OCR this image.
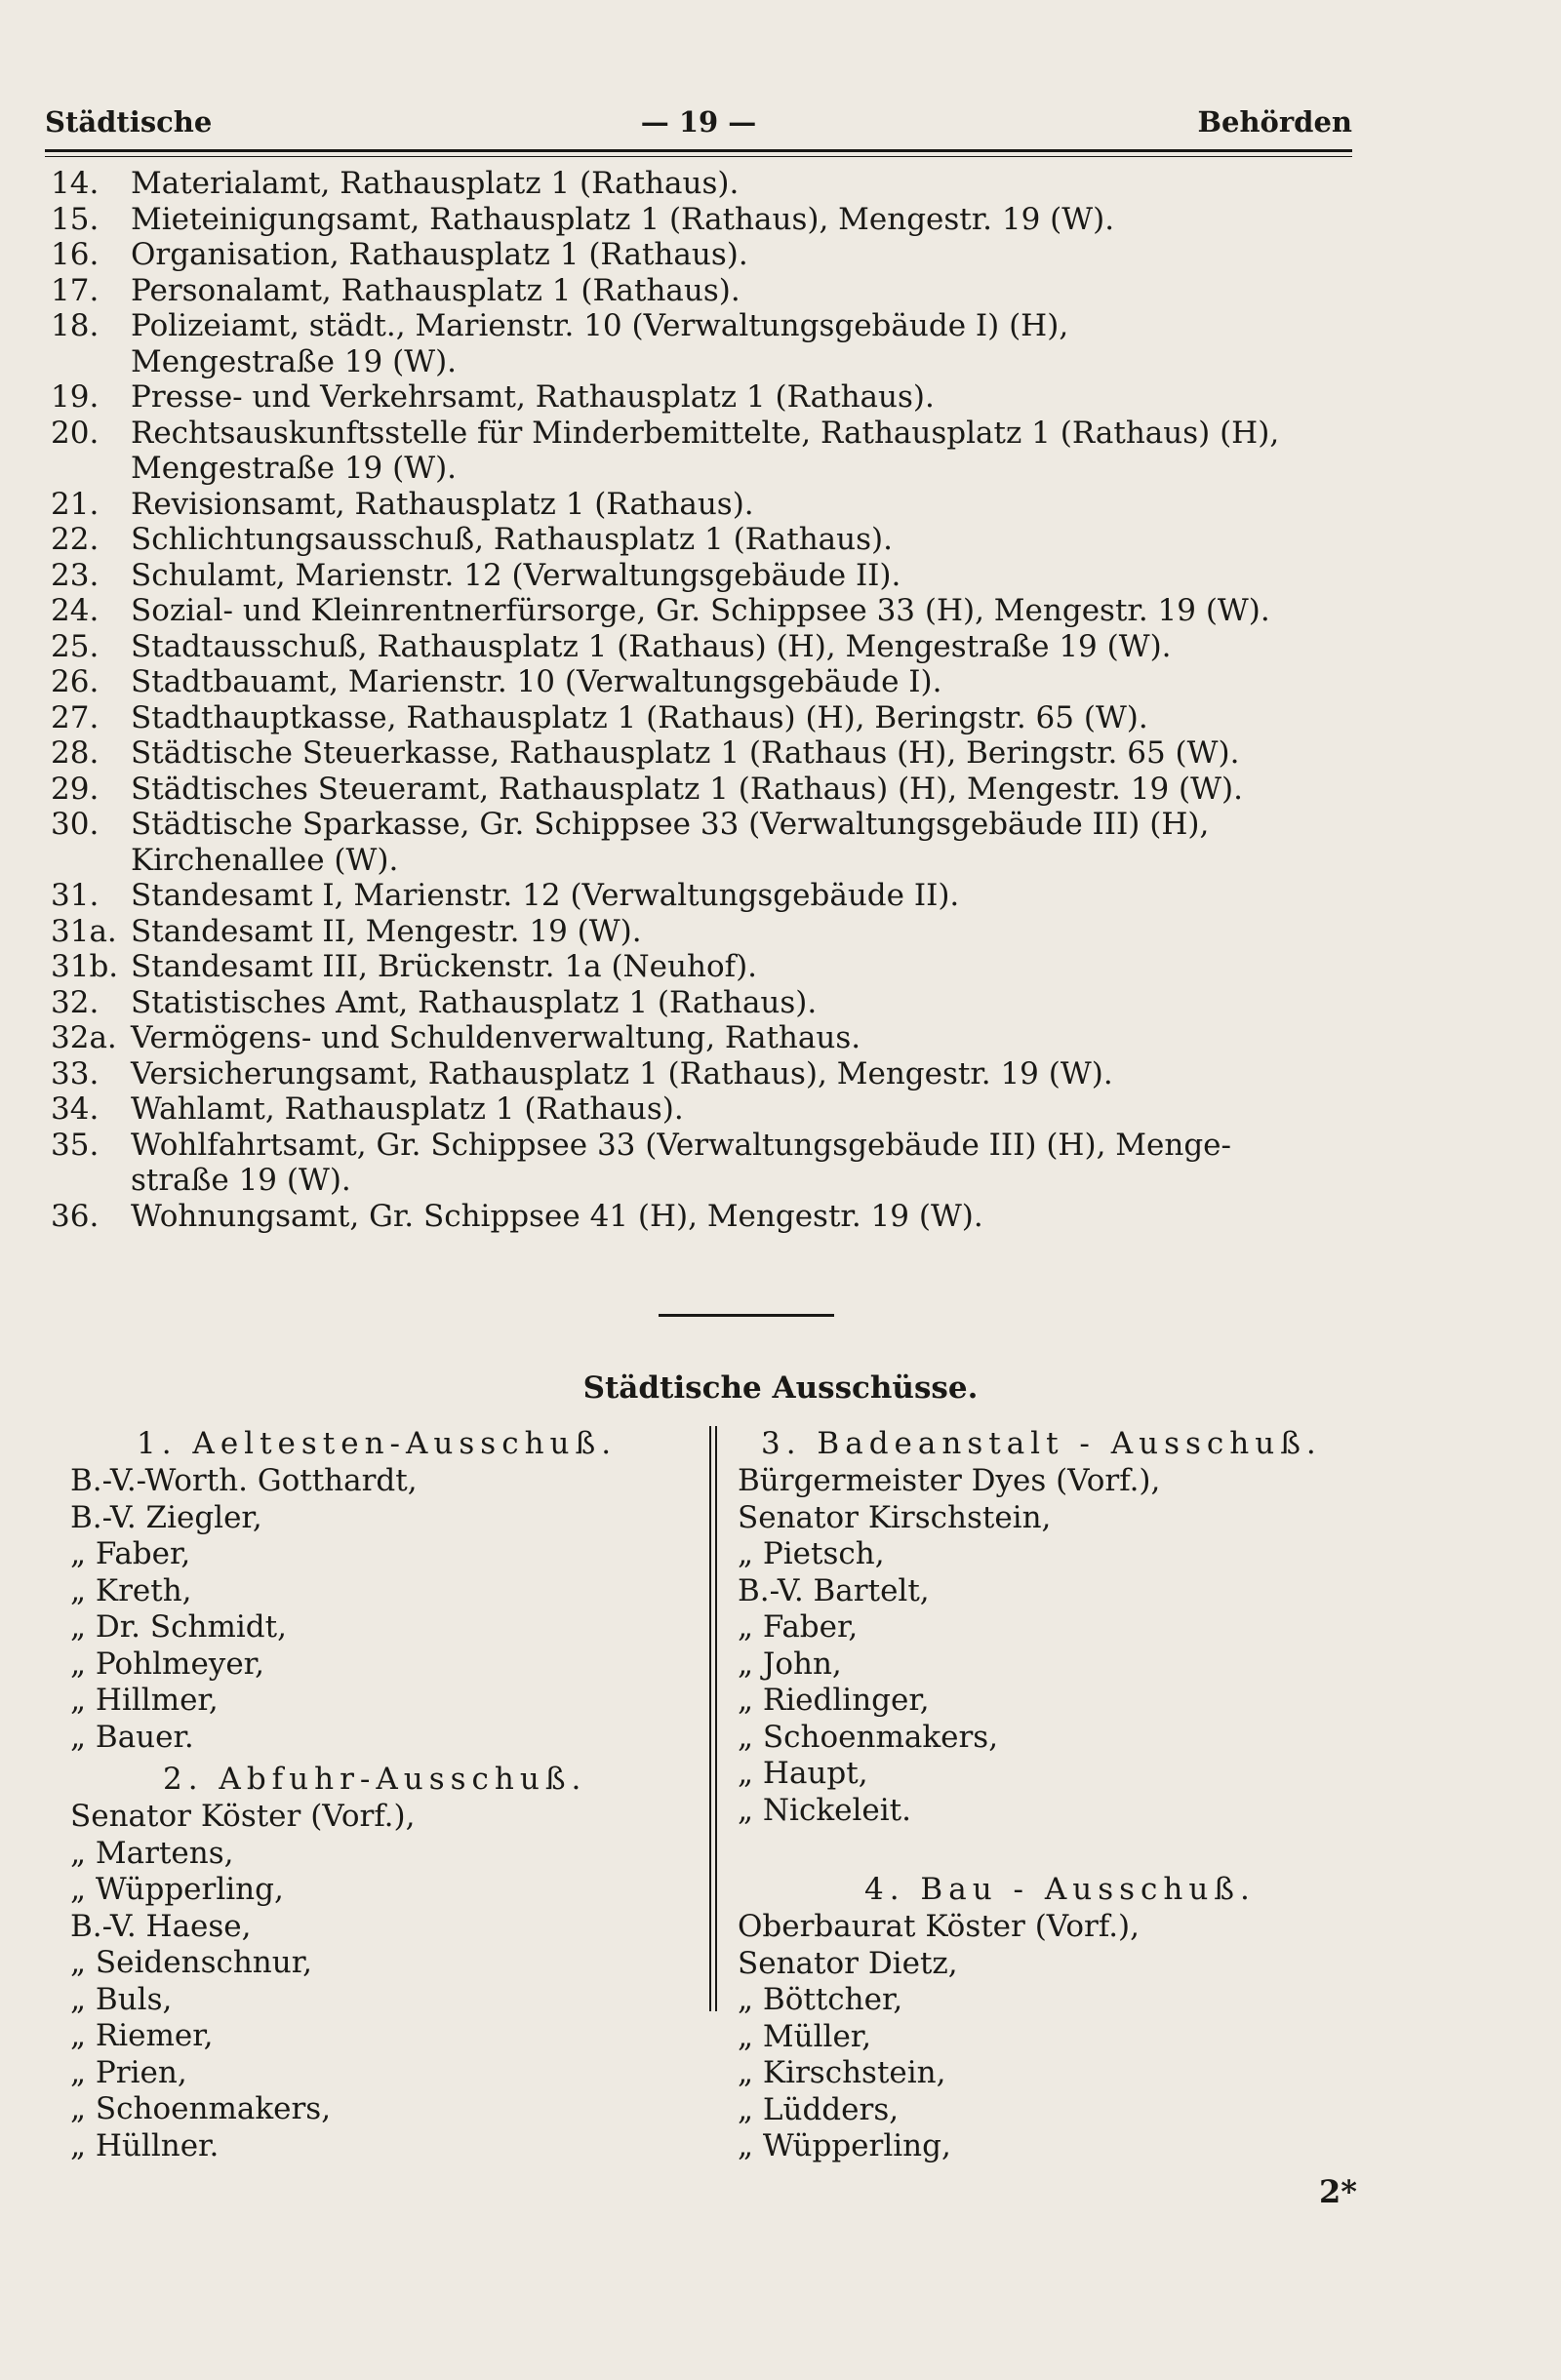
Städtische	— 19 —	Behörden
14.	Materialamt, Rathausplatz 1 (Rathaus).
15.	Mieteinigungsamt, Rathausplatz 1 (Rathaus), Mengestr. 19 (W).
16.	Organisation, Rathausplatz 1 (Rathaus).
17.	Personalamt, Rathausplatz 1 (Rathaus).
18.	Polizeiamt, städt., Marienstr. 10 (Verwaltungsgebäude I) (H),
Mengestraße 19 (W).
19.	Presse- und Verkehrsamt, Rathausplatz 1 (Rathaus).
20.	Rechtsauskunftsstelle für Minderbemittelte, Rathausplatz 1 (Rathaus) (H),
Mengestraße 19 (W).
21.	Revisionsamt, Rathausplatz 1 (Rathaus).
22.	Schlichtungsausschuß, Rathausplatz 1 (Rathaus).
23.	Schulamt, Marienstr. 12 (Verwaltungsgebäude II).
24.	Sozial- und Kleinrentnerfürsorge, Gr. Schippsee 33 (H), Mengestr. 19 (W).
25.	Stadtausschuß, Rathausplatz 1 (Rathaus) (H), Mengestraße 19 (W).
26.	Stadtbauamt, Marienstr. 10 (Verwaltungsgebäude I).
27.	Stadthauptkasse, Rathausplatz 1 (Rathaus) (H), Beringstr. 65 (W).
28.	Städtische Steuerkasse, Rathausplatz 1 (Rathaus (H), Beringstr. 65 (W).
29.	Städtisches Steueramt, Rathausplatz 1 (Rathaus) (H), Mengestr. 19 (W).
30.	Städtische Sparkasse, Gr. Schippsee 33 (Verwaltungsgebäude III) (H),
Kirchenallee (W).
31.	Standesamt I, Marienstr. 12 (Verwaltungsgebäude II).
31a. Standesamt II, Mengestr. 19 (W).
31b. Standesamt III, Brückenstr. 1a (Neuhof).
32.	Statistisches Amt, Rathausplatz 1 (Rathaus).
32a. Vermögens- und Schuldenverwaltung, Rathaus.
33.	Versicherungsamt, Rathausplatz 1 (Rathaus), Mengestr. 19 (W).
34.	Wahlamt, Rathausplatz 1 (Rathaus).
35.	Wohlfahrtsamt, Gr. Schippsee 33 (Verwaltungsgebäude III) (H), Menge-
straße 19 (W).
36.	Wohnungsamt, Gr. Schippsee 41 (H), Mengestr. 19 (W).
Städtische Ausschüsse.
1. Aeltesten-Ausschuß.
B.-V.-Worth. Gotthardt,
B.-V. Ziegler,
„ Faber,
„ Kreth,
„ Dr. Schmidt,
„ Pohlmeyer,
„ Hillmer,
„ Bauer.
2. Abfuhr-Ausschuß.
Senator Köster (Vorf.),
„ Martens,
„ Wüpperling,
B.-V. Haese,
„ Seidenschnur,
„ Buls,
„ Riemer,
„ Prien,
„ Schoenmakers,
„ Hüllner.
3. Badeanstalt - Ausschuß.
Bürgermeister Dyes (Vorf.),
Senator Kirschstein,
„ Pietsch,
B.-V. Bartelt,
„ Faber,
„ John,
„ Riedlinger,
„ Schoenmakers,
„ Haupt,
„ Nickeleit.
4. Bau - Ausschuß.
Oberbaurat Köster (Vorf.),
Senator Dietz,
„ Böttcher,
„ Müller,
„ Kirschstein,
„ Lüdders,
„ Wüpperling,
2*
